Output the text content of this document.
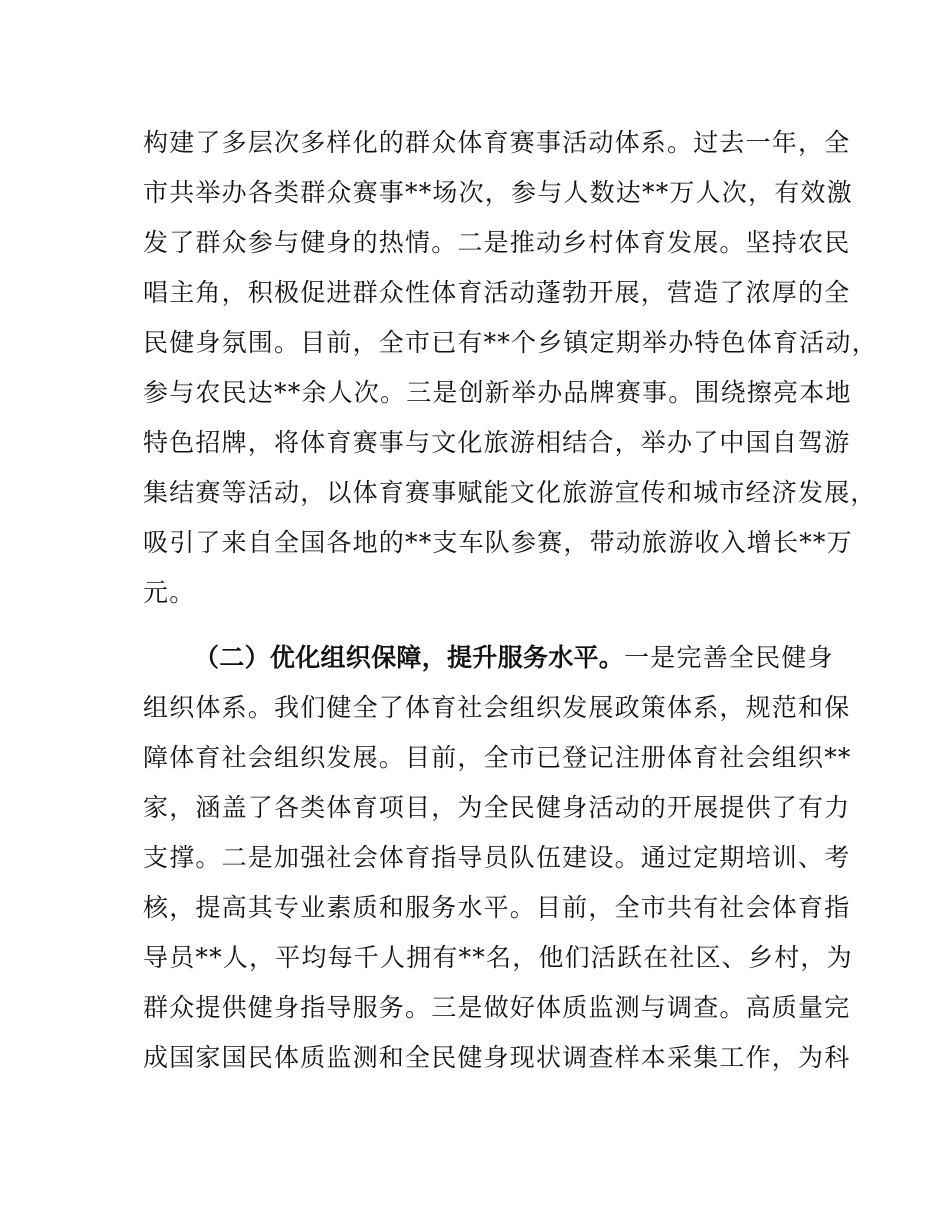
构建了多层次多样化的群众体育赛事活动体系。过去一年，全
市共举办各类群众赛事**场次，参与人数达**万人次，有效激
发了群众参与健身的热情。二是推动乡村体育发展。坚持农民
唱主角，积极促进群众性体育活动蓬勃开展，营造了浓厚的全
民健身氛围。目前，全市已有**个乡镇定期举办特色体育活动，
参与农民达**余人次。三是创新举办品牌赛事。围绕擦亮本地
特色招牌，将体育赛事与文化旅游相结合，举办了中国自驾游
集结赛等活动，以体育赛事赋能文化旅游宣传和城市经济发展，
吸引了来自全国各地的**支车队参赛，带动旅游收入增长**万
元。
（二）优化组织保障，提升服务水平。一是完善全民健身
组织体系。我们健全了体育社会组织发展政策体系，规范和保
障体育社会组织发展。目前，全市已登记注册体育社会组织**
家，涵盖了各类体育项目，为全民健身活动的开展提供了有力
支撑。二是加强社会体育指导员队伍建设。通过定期培训、考
核，提高其专业素质和服务水平。目前，全市共有社会体育指
导员**人，平均每千人拥有**名，他们活跃在社区、乡村，为
群众提供健身指导服务。三是做好体质监测与调查。高质量完
成国家国民体质监测和全民健身现状调查样本采集工作，为科
